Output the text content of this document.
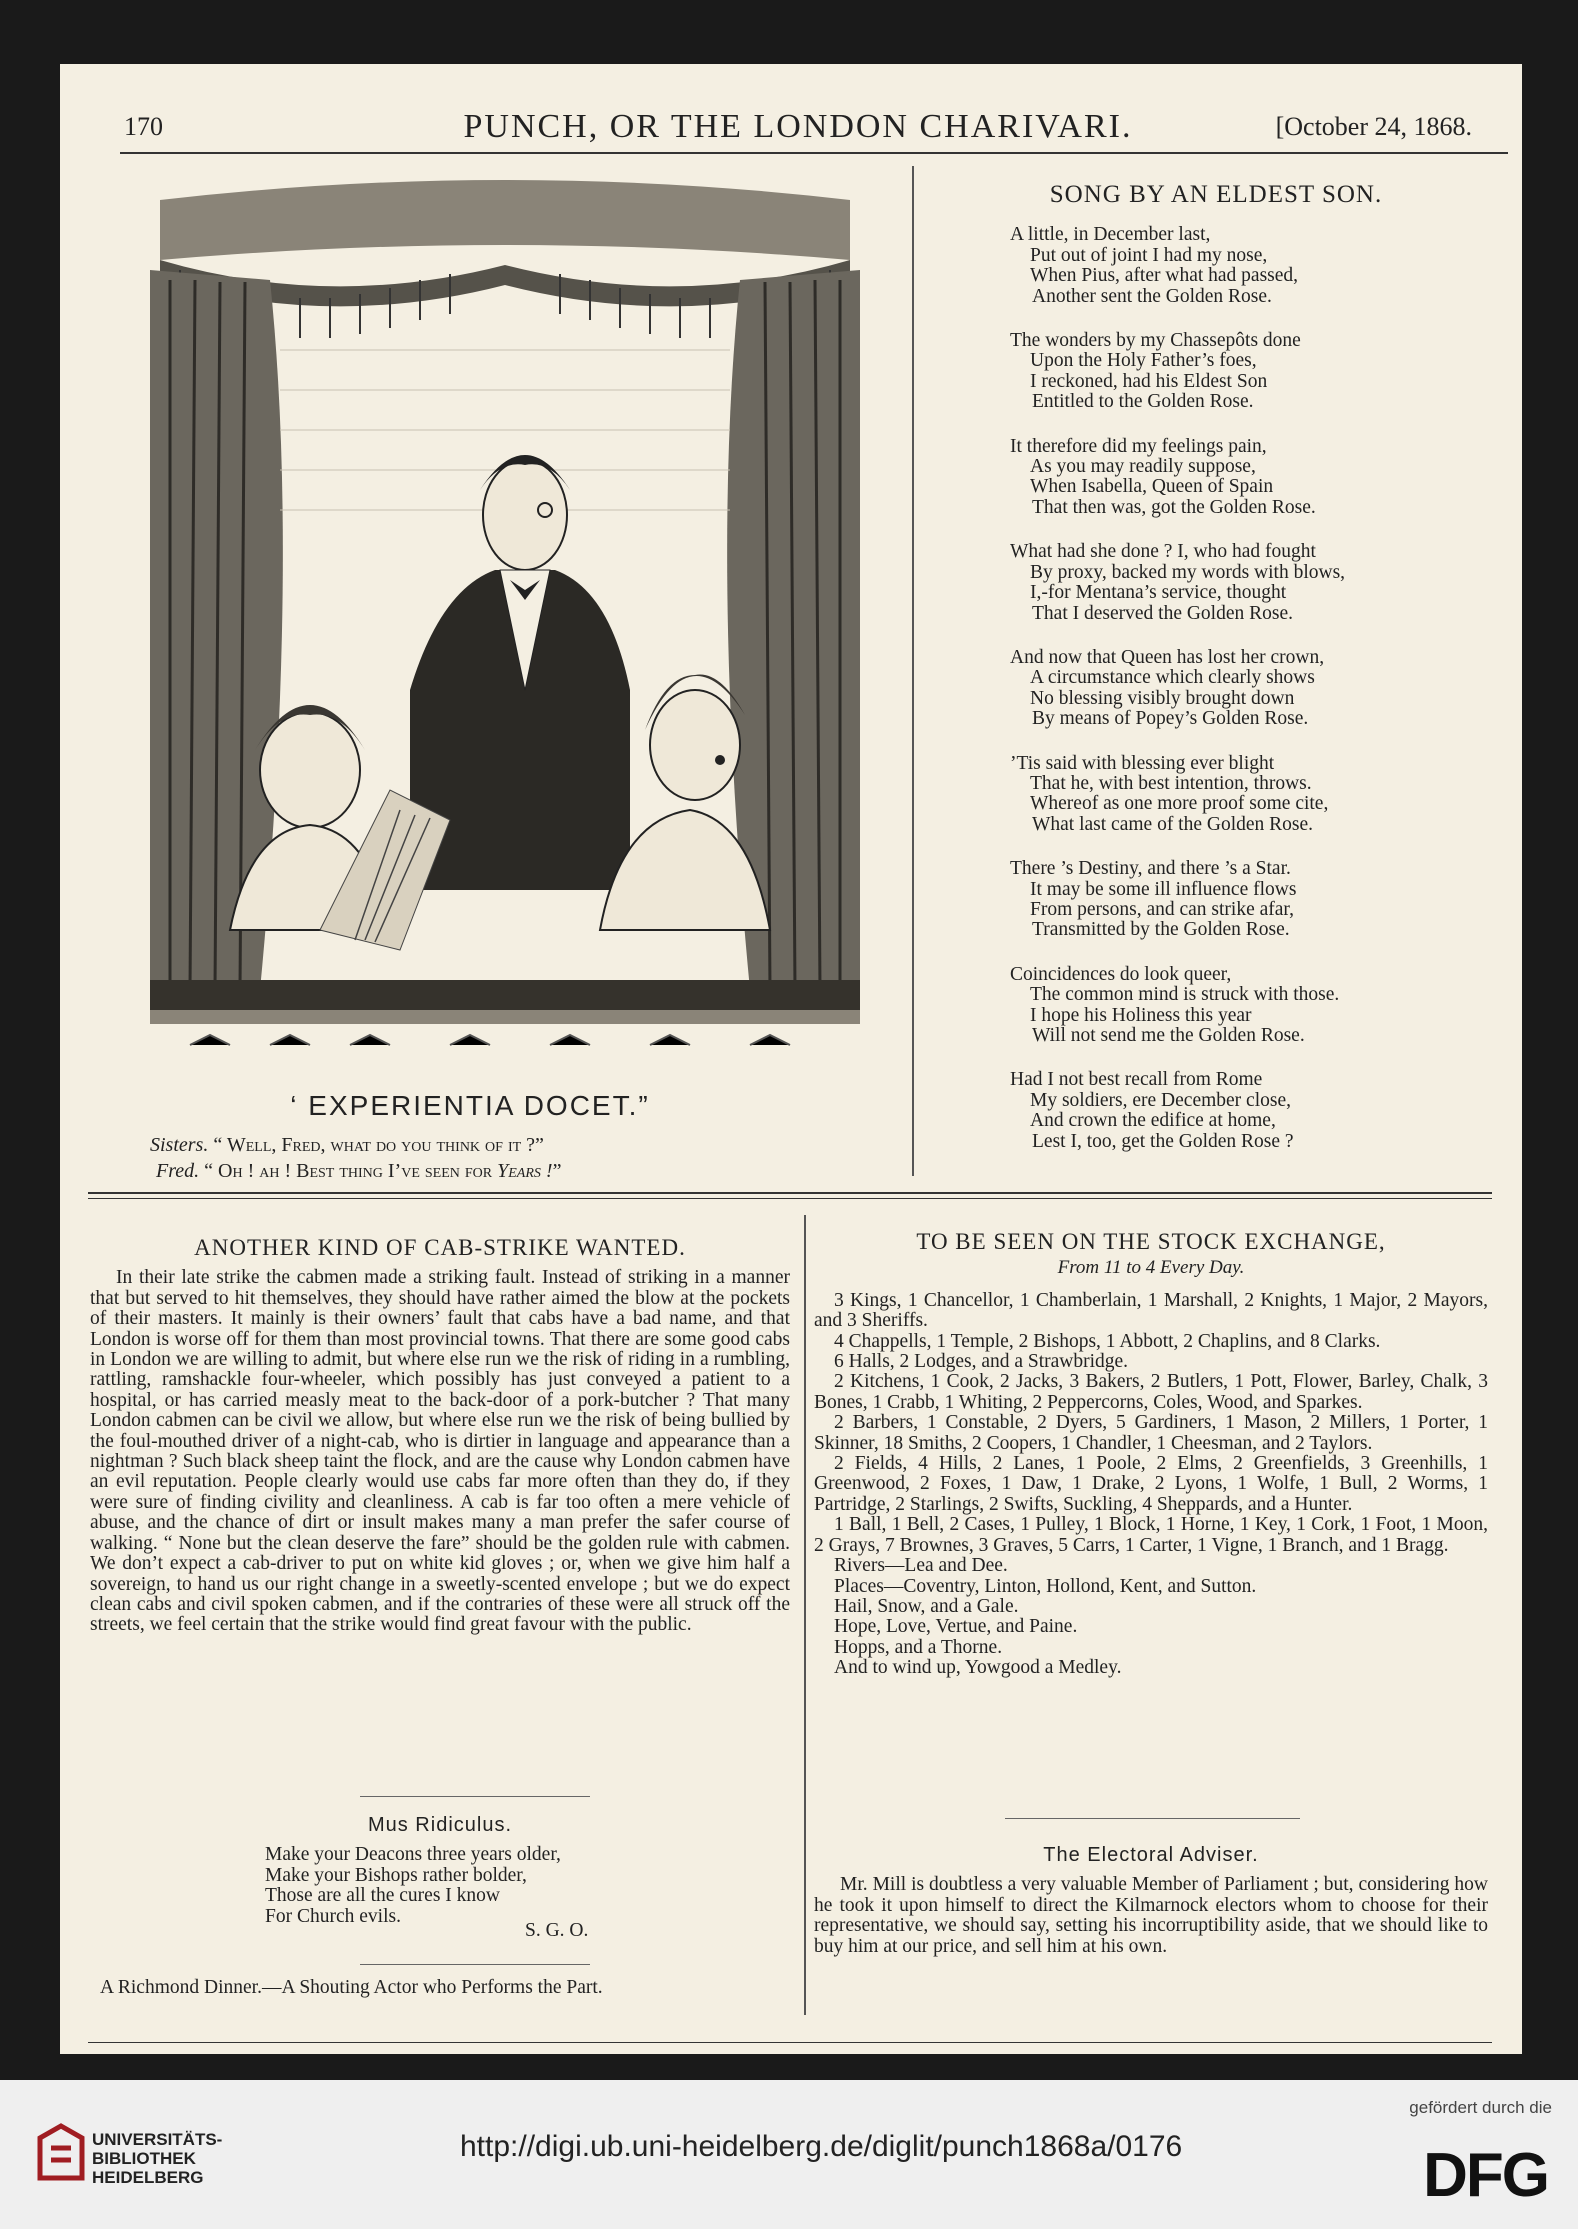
170	PUNCH, OR THE LONDON CHARIVARI.	[October 24, 1868.
‘ EXPERIENTIA DOCET.”
Sisters. “ Well, Fred, what do you think of it ?”
Fred. “ Oh ! ah ! Best thing I’ve seen for Years !”
SONG BY AN ELDEST SON.

A little, in December last,

Put out of joint I had my nose,

When Pius, after what had passed,

Another sent the Golden Rose.

The wonders by my Chassepôts done

Upon the Holy Father’s foes,

I reckoned, had his Eldest Son

Entitled to the Golden Rose.

It therefore did my feelings pain,

As you may readily suppose,

When Isabella, Queen of Spain

That then was, got the Golden Rose.

What had she done ? I, who had fought

By proxy, backed my words with blows,

I,‑for Mentana’s service, thought

That I deserved the Golden Rose.

And now that Queen has lost her crown,

A circumstance which clearly shows

No blessing visibly brought down

By means of Popey’s Golden Rose.

’Tis said with blessing ever blight

That he, with best intention, throws.

Whereof as one more proof some cite,

What last came of the Golden Rose.

There ’s Destiny, and there ’s a Star.

It may be some ill influence flows

From persons, and can strike afar,

Transmitted by the Golden Rose.

Coincidences do look queer,

The common mind is struck with those.

I hope his Holiness this year

Will not send me the Golden Rose.

Had I not best recall from Rome

My soldiers, ere December close,

And crown the edifice at home,

Lest I, too, get the Golden Rose ?

ANOTHER KIND OF CAB-STRIKE WANTED.

In their late strike the cabmen made a striking fault. Instead of striking in a manner that but served to hit themselves, they should have rather aimed the blow at the pockets of their masters. It mainly is their owners’ fault that cabs have a bad name, and that London is worse off for them than most provincial towns. That there are some good cabs in London we are willing to admit, but where else run we the risk of riding in a rumbling, rattling, ramshackle four-wheeler, which possibly has just conveyed a patient to a hospital, or has carried measly meat to the back-door of a pork-butcher ? That many London cabmen can be civil we allow, but where else run we the risk of being bullied by the foul-mouthed driver of a night-cab, who is dirtier in language and appearance than a nightman ? Such black sheep taint the flock, and are the cause why London cabmen have an evil reputation. People clearly would use cabs far more often than they do, if they were sure of finding civility and cleanliness. A cab is far too often a mere vehicle of abuse, and the chance of dirt or insult makes many a man prefer the safer course of walking. “ None but the clean deserve the fare” should be the golden rule with cabmen. We don’t expect a cab-driver to put on white kid gloves ; or, when we give him half a sovereign, to hand us our right change in a sweetly-scented envelope ; but we do expect clean cabs and civil spoken cabmen, and if the contraries of these were all struck off the streets, we feel certain that the strike would find great favour with the public.

Mus Ridiculus.

Make your Deacons three years older,

Make your Bishops rather bolder,

Those are all the cures I know

For Church evils.

S. G. O.
A Richmond Dinner.—A Shouting Actor who Performs the Part.
TO BE SEEN ON THE STOCK EXCHANGE,
From 11 to 4 Every Day.

3 Kings, 1 Chancellor, 1 Chamberlain, 1 Marshall, 2 Knights, 1 Major, 2 Mayors, and 3 Sheriffs.

4 Chappells, 1 Temple, 2 Bishops, 1 Abbott, 2 Chaplins, and 8 Clarks.

6 Halls, 2 Lodges, and a Strawbridge.

2 Kitchens, 1 Cook, 2 Jacks, 3 Bakers, 2 Butlers, 1 Pott, Flower, Barley, Chalk, 3 Bones, 1 Crabb, 1 Whiting, 2 Peppercorns, Coles, Wood, and Sparkes.

2 Barbers, 1 Constable, 2 Dyers, 5 Gardiners, 1 Mason, 2 Millers, 1 Porter, 1 Skinner, 18 Smiths, 2 Coopers, 1 Chandler, 1 Cheesman, and 2 Taylors.

2 Fields, 4 Hills, 2 Lanes, 1 Poole, 2 Elms, 2 Greenfields, 3 Greenhills, 1 Greenwood, 2 Foxes, 1 Daw, 1 Drake, 2 Lyons, 1 Wolfe, 1 Bull, 2 Worms, 1 Partridge, 2 Starlings, 2 Swifts, Suckling, 4 Sheppards, and a Hunter.

1 Ball, 1 Bell, 2 Cases, 1 Pulley, 1 Block, 1 Horne, 1 Key, 1 Cork, 1 Foot, 1 Moon, 2 Grays, 7 Brownes, 3 Graves, 5 Carrs, 1 Carter, 1 Vigne, 1 Branch, and 1 Bragg.

Rivers—Lea and Dee.

Places—Coventry, Linton, Hollond, Kent, and Sutton.

Hail, Snow, and a Gale.

Hope, Love, Vertue, and Paine.

Hopps, and a Thorne.

And to wind up, Yowgood a Medley.

The Electoral Adviser.

Mr. Mill is doubtless a very valuable Member of Parliament ; but, considering how he took it upon himself to direct the Kilmarnock electors whom to choose for their representative, we should say, setting his incorruptibility aside, that we should like to buy him at our price, and sell him at his own.

UNIVERSITÄTS-
BIBLIOTHEK
HEIDELBERG
http://digi.ub.uni-heidelberg.de/diglit/punch1868a/0176
gefördert durch die
DFG
